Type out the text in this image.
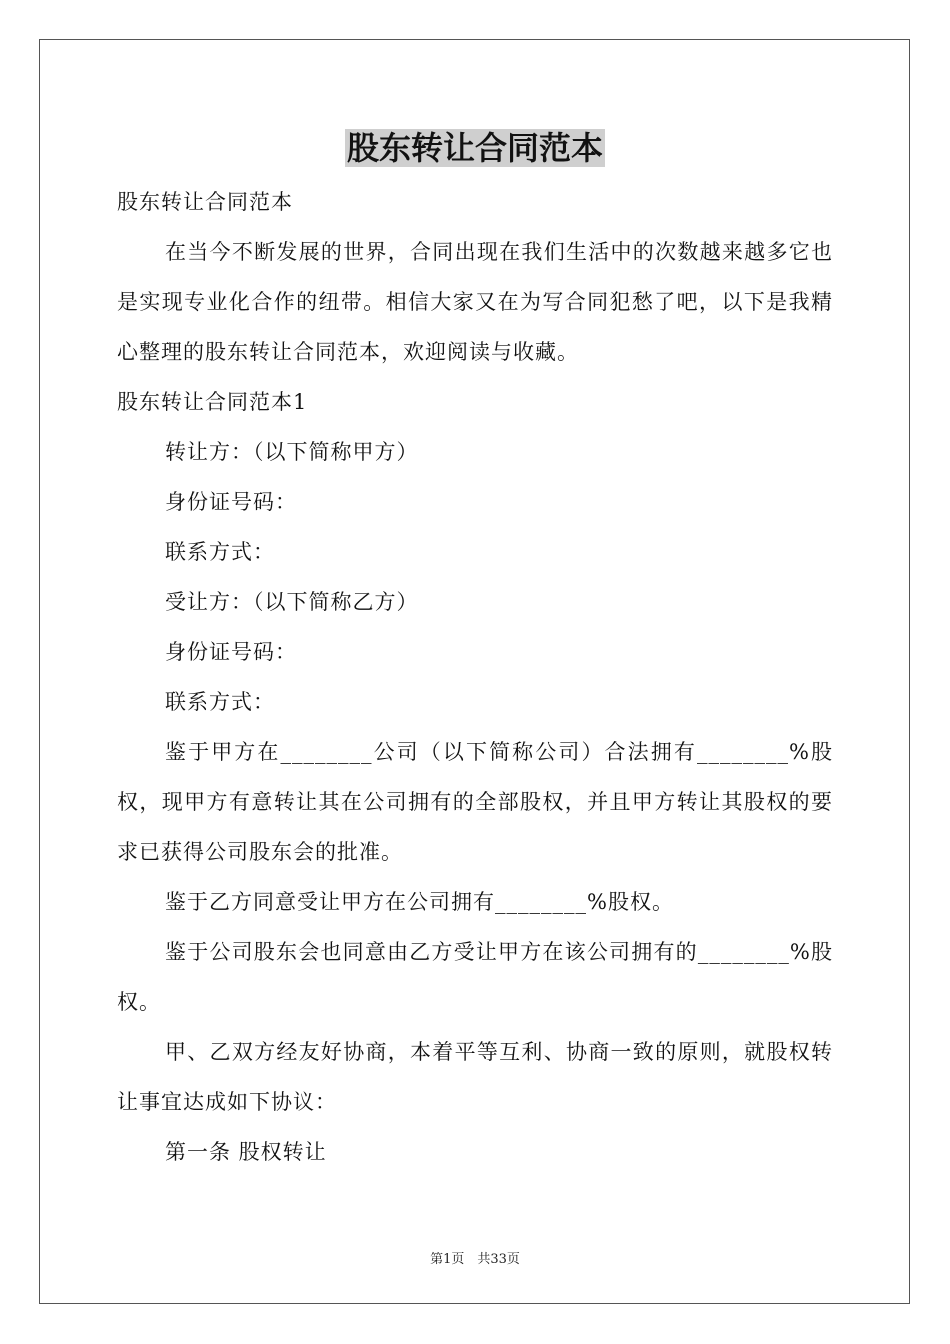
股东转让合同范本

股东转让合同范本

在当今不断发展的世界，合同出现在我们生活中的次数越来越多它也是实现专业化合作的纽带。相信大家又在为写合同犯愁了吧，以下是我精心整理的股东转让合同范本，欢迎阅读与收藏。

股东转让合同范本1

转让方：（以下简称甲方）

身份证号码：

联系方式：

受让方：（以下简称乙方）

身份证号码：

联系方式：

鉴于甲方在________公司（以下简称公司）合法拥有________%股权，现甲方有意转让其在公司拥有的全部股权，并且甲方转让其股权的要求已获得公司股东会的批准。

鉴于乙方同意受让甲方在公司拥有________%股权。

鉴于公司股东会也同意由乙方受让甲方在该公司拥有的________%股权。

甲、乙双方经友好协商，本着平等互利、协商一致的原则，就股权转让事宜达成如下协议：

第一条 股权转让

第1页　共33页
